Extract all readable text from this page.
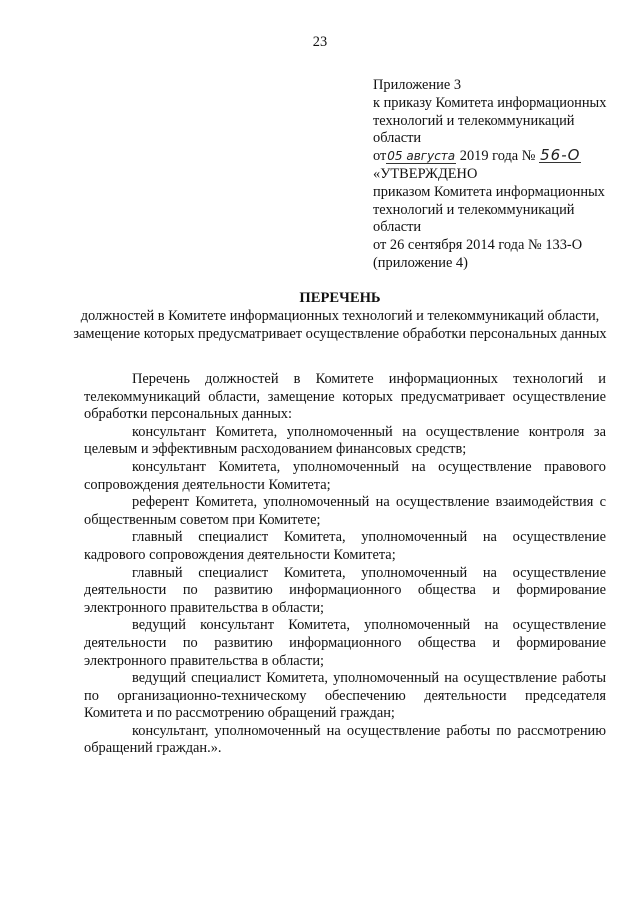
23
Приложение 3
к приказу Комитета информационных
технологий и телекоммуникаций
области
от05 августа 2019 года № 56-О
«УТВЕРЖДЕНО
приказом Комитета информационных
технологий и телекоммуникаций
области
от 26 сентября 2014 года № 133-О
(приложение 4)
ПЕРЕЧЕНЬ
должностей в Комитете информационных технологий и телекоммуникаций области, замещение которых предусматривает осуществление обработки персональных данных

Перечень должностей в Комитете информационных технологий и телекоммуникаций области, замещение которых предусматривает осуществление обработки персональных данных:

консультант Комитета, уполномоченный на осуществление контроля за целевым и эффективным расходованием финансовых средств;

консультант Комитета, уполномоченный на осуществление правового сопровождения деятельности Комитета;

референт Комитета, уполномоченный на осуществление взаимодействия с общественным советом при Комитете;

главный специалист Комитета, уполномоченный на осуществление кадрового сопровождения деятельности Комитета;

главный специалист Комитета, уполномоченный на осуществление деятельности по развитию информационного общества и формирование электронного правительства в области;

ведущий консультант Комитета, уполномоченный на осуществление деятельности по развитию информационного общества и формирование электронного правительства в области;

ведущий специалист Комитета, уполномоченный на осуществление работы по организационно-техническому обеспечению деятельности председателя Комитета и по рассмотрению обращений граждан;

консультант, уполномоченный на осуществление работы по рассмотрению обращений граждан.».
